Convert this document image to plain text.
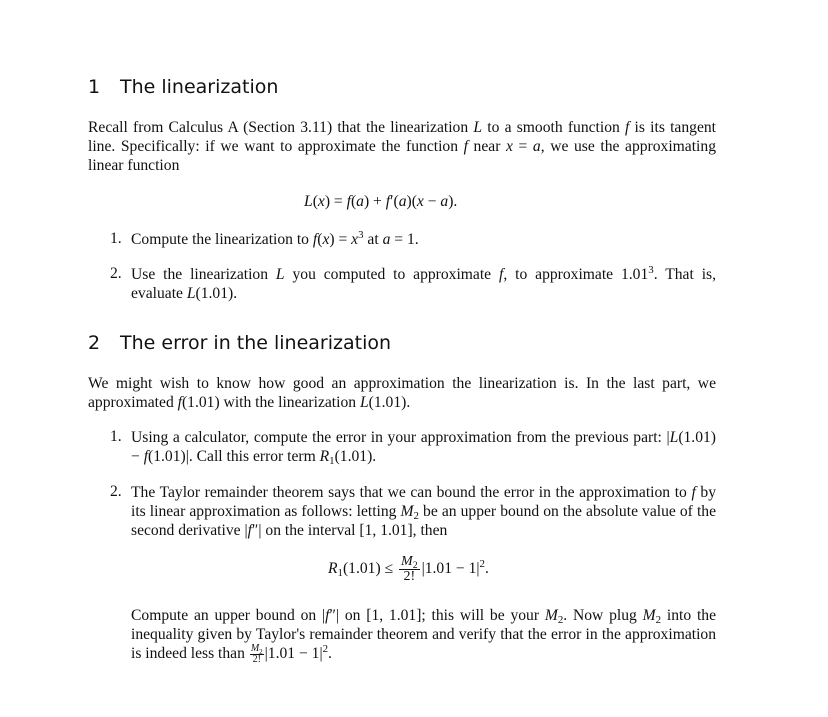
1 The linearization

Recall from Calculus A (Section 3.11) that the linearization L to a smooth function f is its tangent line. Specifically: if we want to approximate the function f near x = a, we use the approximating linear function

L(x) = f(a) + f′(a)(x − a).
1. Compute the linearization to $f(x) = x^3$ at a = 1.

2. Use the linearization L you computed to approximate f, to approximate 1.01$^3$. That is, evaluate L(1.01).

2 The error in the linearization

We might wish to know how good an approximation the linearization is. In the last part, we approximated f(1.01) with the linearization L(1.01).

1. Using a calculator, compute the error in your approximation from the previous part: |L(1.01) − f(1.01)|. Call this error term $R_1(1.01)$.

2. The Taylor remainder theorem says that we can bound the error in the approximation to f by its linear approximation as follows: letting $M_2$ be an upper bound on the absolute value of the second derivative |f″| on the interval [1, 1.01], then

$R_1(1.01) \le \frac{M_2}{2!} |1.01 - 1|^2$.

Compute an upper bound on |f″| on [1, 1.01]; this will be your $M_2$. Now plug $M_2$ into the inequality given by Taylor's remainder theorem and verify that the error in the approximation is indeed less than $\frac{M_2}{2!} |1.01 - 1|^2$.
